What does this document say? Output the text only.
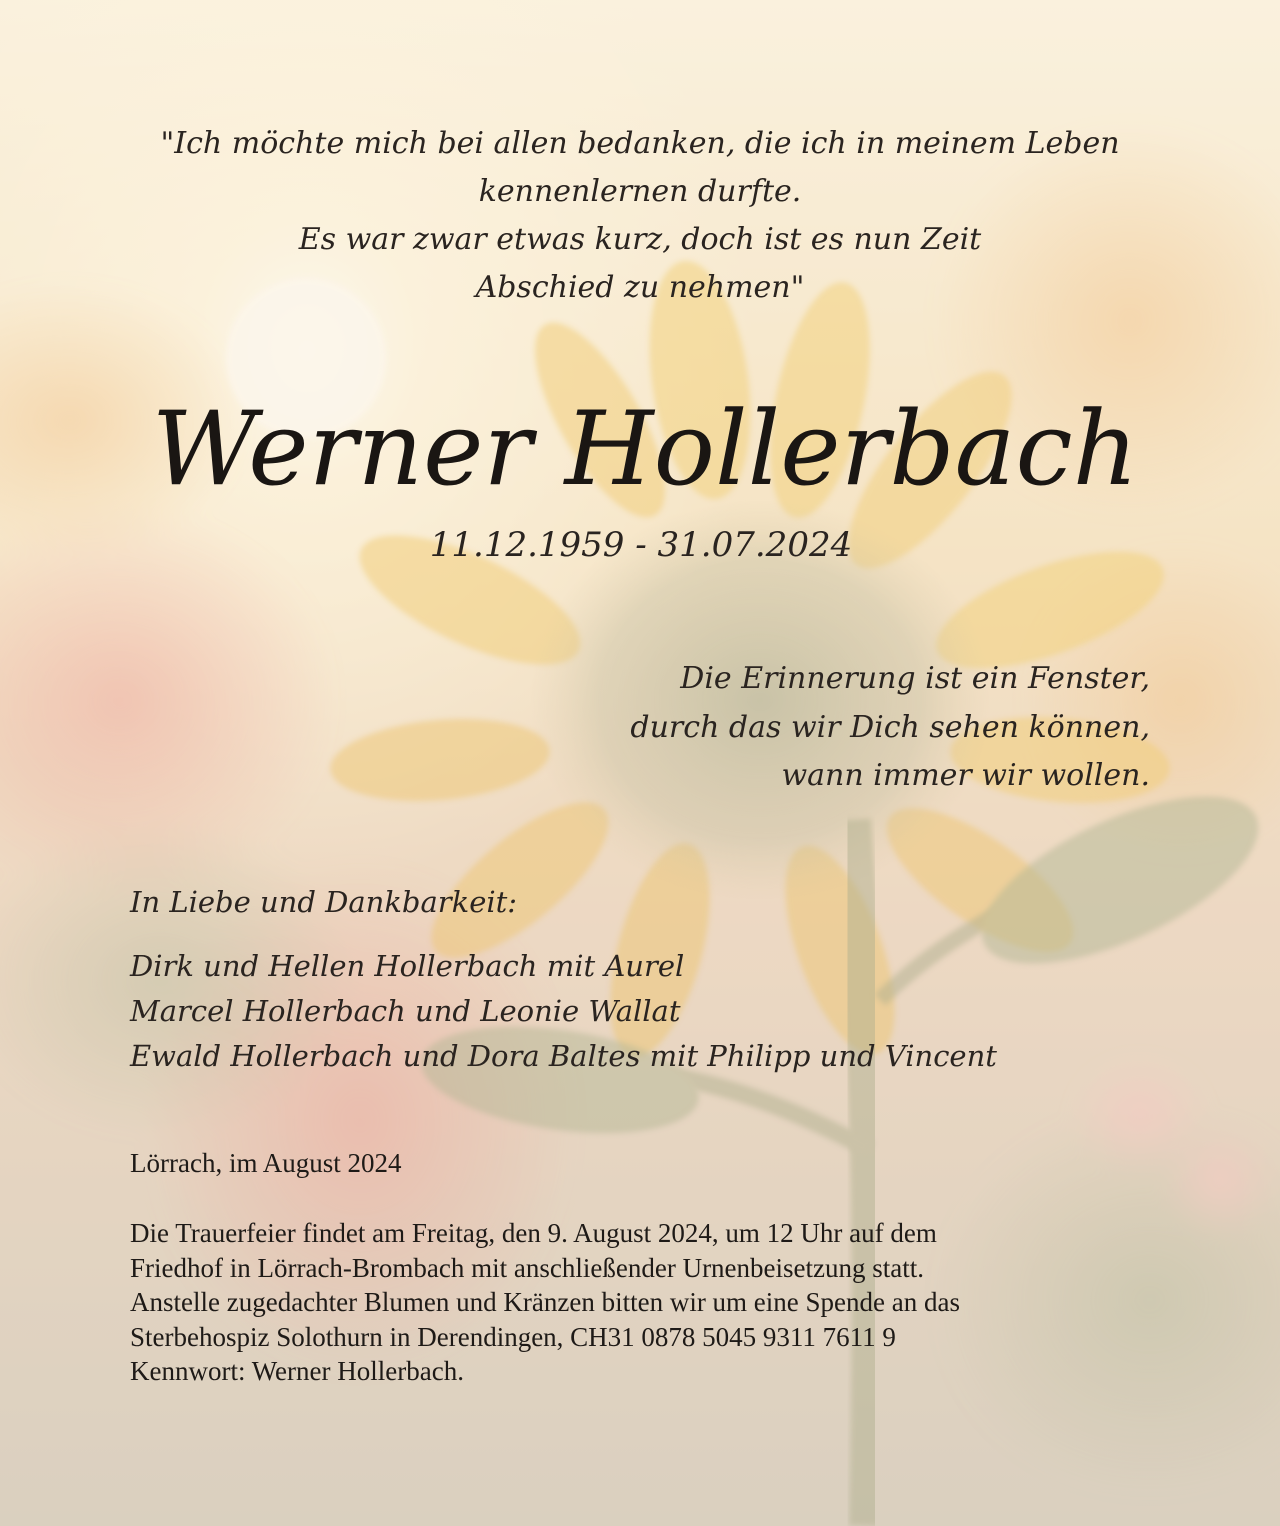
"Ich möchte mich bei allen bedanken, die ich in meinem Leben
kennenlernen durfte.
Es war zwar etwas kurz, doch ist es nun Zeit
Abschied zu nehmen"
Werner Hollerbach
11.12.1959 - 31.07.2024
Die Erinnerung ist ein Fenster,
durch das wir Dich sehen können,
wann immer wir wollen.
In Liebe und Dankbarkeit:
Dirk und Hellen Hollerbach mit Aurel
Marcel Hollerbach und Leonie Wallat
Ewald Hollerbach und Dora Baltes mit Philipp und Vincent
Lörrach, im August 2024
Die Trauerfeier findet am Freitag, den 9. August 2024, um 12 Uhr auf dem
Friedhof in Lörrach-Brombach mit anschließender Urnenbeisetzung statt.
Anstelle zugedachter Blumen und Kränzen bitten wir um eine Spende an das
Sterbehospiz Solothurn in Derendingen, CH31 0878 5045 9311 7611 9
Kennwort: Werner Hollerbach.
